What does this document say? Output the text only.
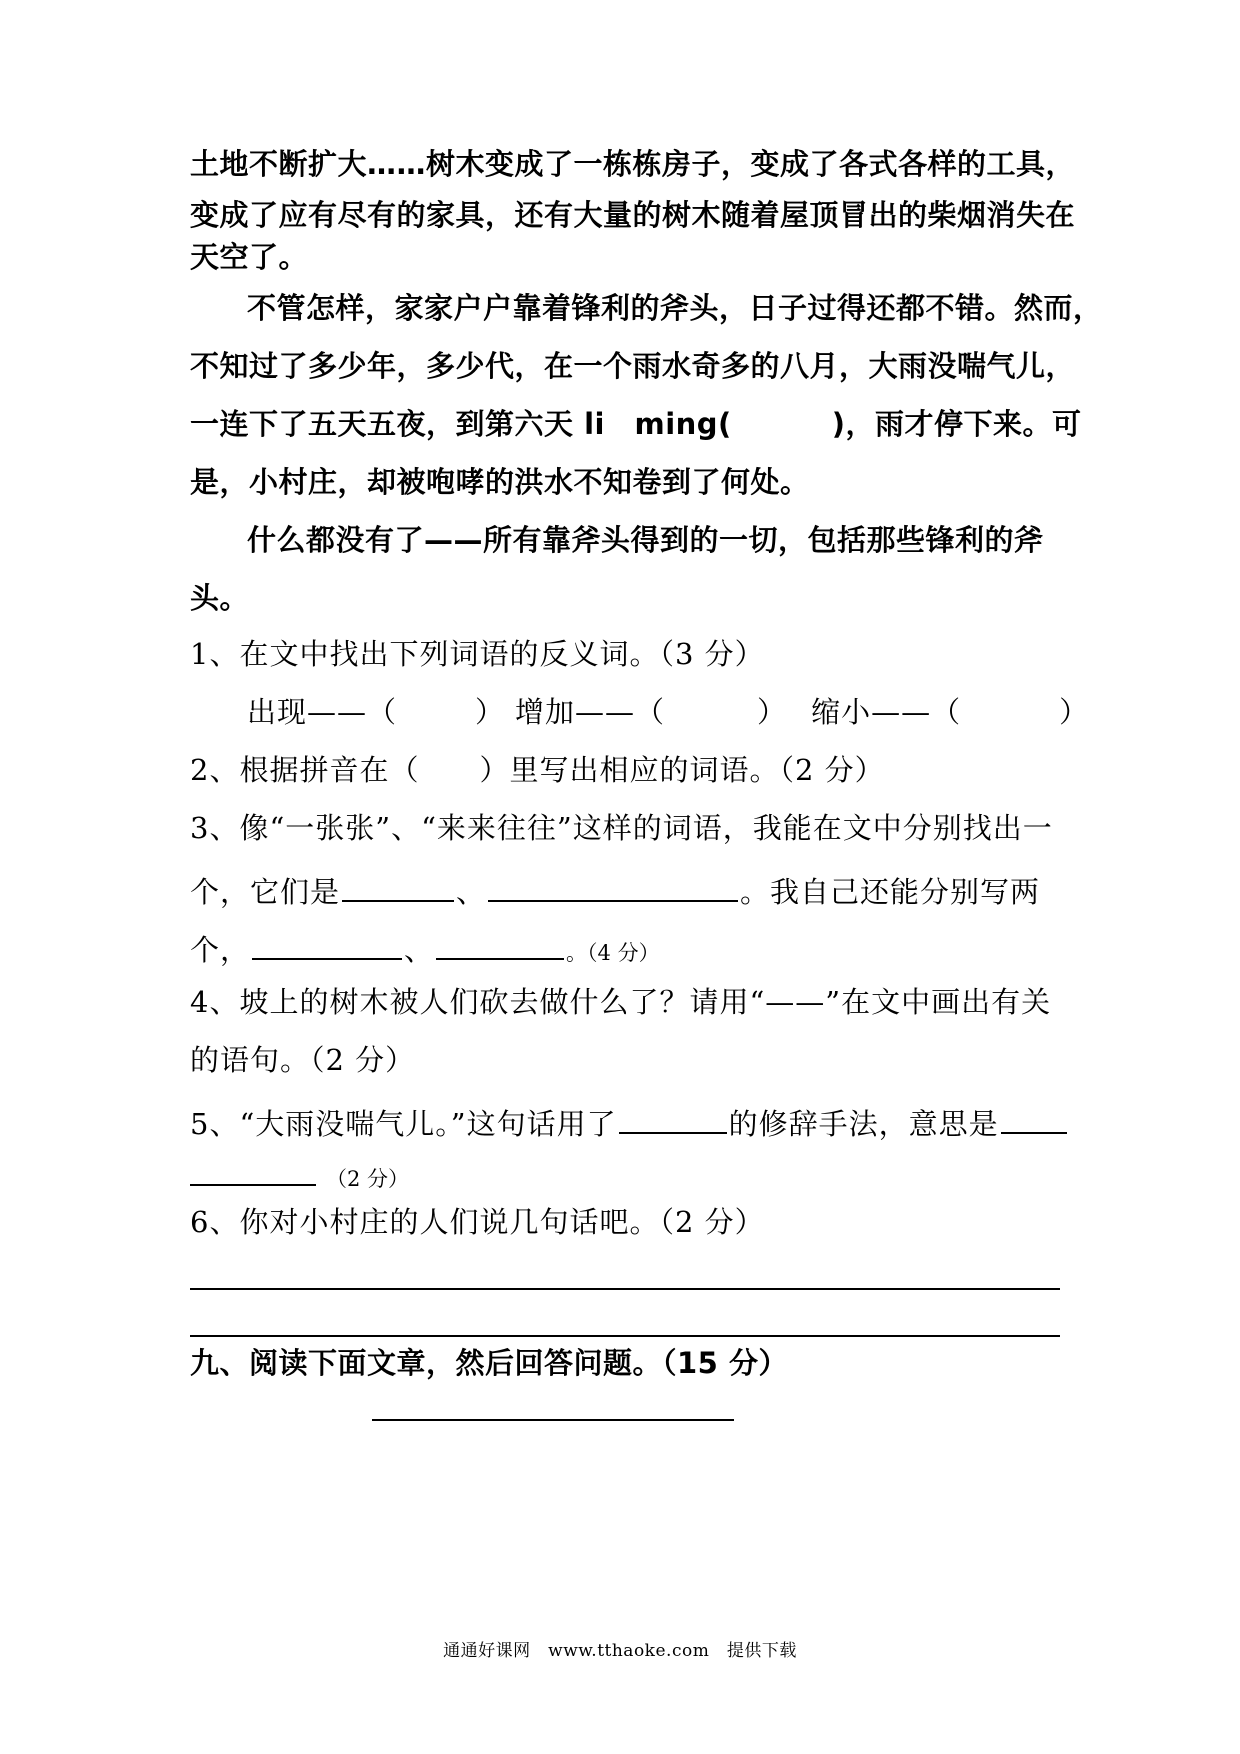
土地不断扩大……树木变成了一栋栋房子，变成了各式各样的工具，
变成了应有尽有的家具，还有大量的树木随着屋顶冒出的柴烟消失在
天空了。
不管怎样，家家户户靠着锋利的斧头，日子过得还都不错。然而，
不知过了多少年，多少代，在一个雨水奇多的八月，大雨没喘气儿，
一连下了五天五夜，到第六天 li　ming(	)，雨才停下来。可
是，小村庄，却被咆哮的洪水不知卷到了何处。
什么都没有了——所有靠斧头得到的一切，包括那些锋利的斧
头。
1、在文中找出下列词语的反义词。（3 分）
出现——（	） 增加——（	） 缩小——（	）
2、根据拼音在（　　）里写出相应的词语。（2 分）
3、像“一张张”、“来来往往”这样的词语，我能在文中分别找出一
个，它们是	、	。我自己还能分别写两
个，	、	。（4 分）
4、坡上的树木被人们砍去做什么了？请用“——”在文中画出有关
的语句。（2 分）
5、“大雨没喘气儿。”这句话用了	的修辞手法，意思是
（2 分）
6、你对小村庄的人们说几句话吧。（2 分）
九、阅读下面文章，然后回答问题。（15 分）
通通好课网　www.tthaoke.com　提供下载
